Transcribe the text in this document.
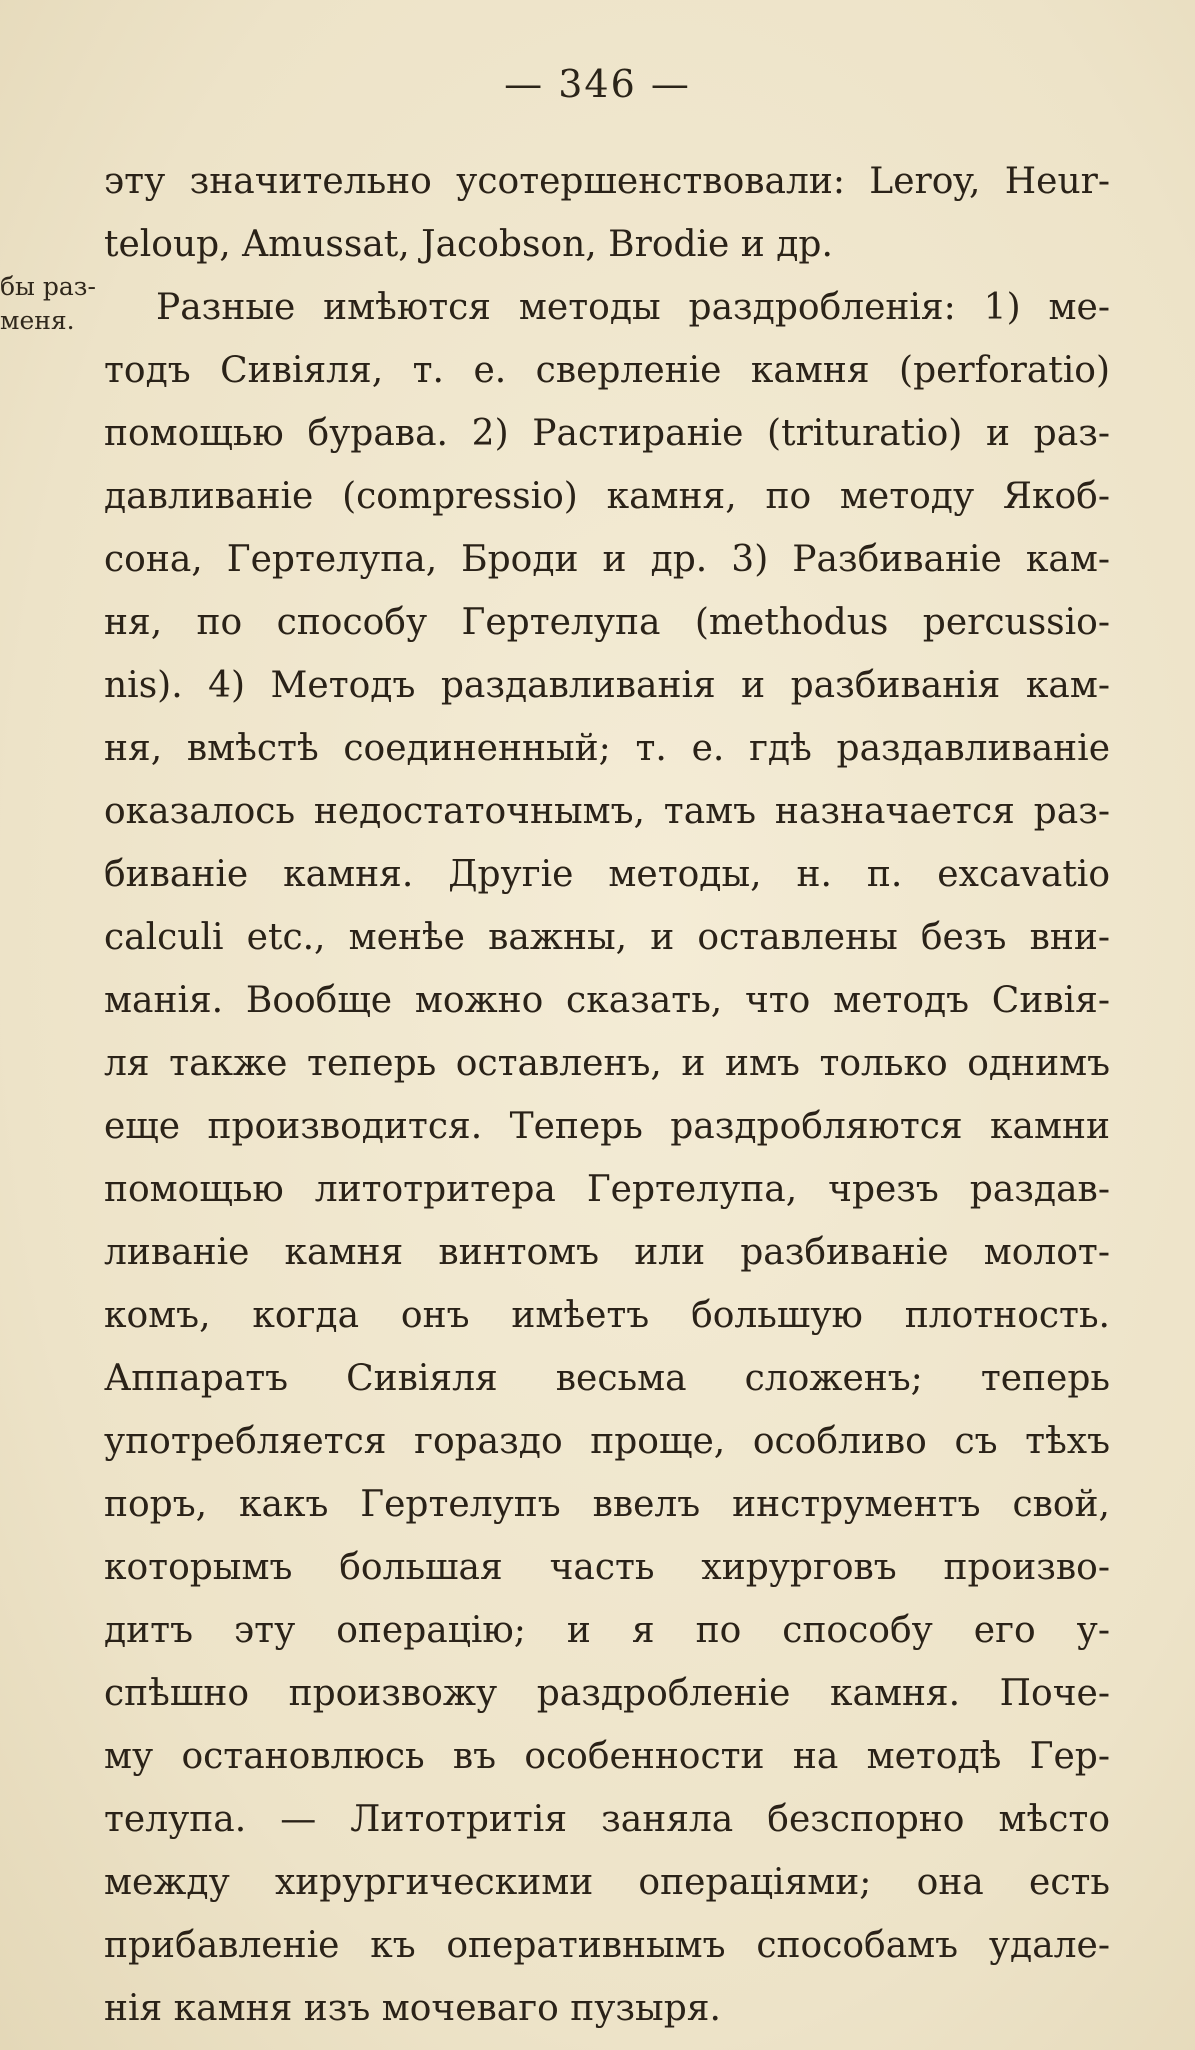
— 346 —
бы раз-
меня.
эту значительно усотершенствовали: Leroy, Heur-
teloup, Amussat, Jacobson, Brodie и др.
Разные имѣются методы раздробленія: 1) ме-
тодъ Сивіяля, т. е. сверленіе камня (perforatio)
помощью бурава. 2) Растираніе (trituratio) и раз-
давливаніе (compressio) камня, по методу Якоб-
сона, Гертелупа, Броди и др. 3) Разбиваніе кам-
ня, по способу Гертелупа (methodus percussio-
nis). 4) Методъ раздавливанія и разбиванія кам-
ня, вмѣстѣ соединенный; т. е. гдѣ раздавливаніе
оказалось недостаточнымъ, тамъ назначается раз-
биваніе камня. Другіе методы, н. п. excavatio
calculi etc., менѣе важны, и оставлены безъ вни-
манія. Вообще можно сказать, что методъ Сивія-
ля также теперь оставленъ, и имъ только однимъ
еще производится. Теперь раздробляются камни
помощью литотритера Гертелупа, чрезъ раздав-
ливаніе камня винтомъ или разбиваніе молот-
комъ, когда онъ имѣетъ большую плотность.
Аппаратъ Сивіяля весьма сложенъ; теперь
употребляется гораздо проще, особливо съ тѣхъ
поръ, какъ Гертелупъ ввелъ инструментъ свой,
которымъ большая часть хирурговъ произво-
дитъ эту операцію; и я по способу его у-
спѣшно произвожу раздробленіе камня. Поче-
му остановлюсь въ особенности на методѣ Гер-
телупа. — Литотритія заняла безспорно мѣсто
между хирургическими операціями; она есть
прибавленіе къ оперативнымъ способамъ удале-
нія камня изъ мочеваго пузыря.
